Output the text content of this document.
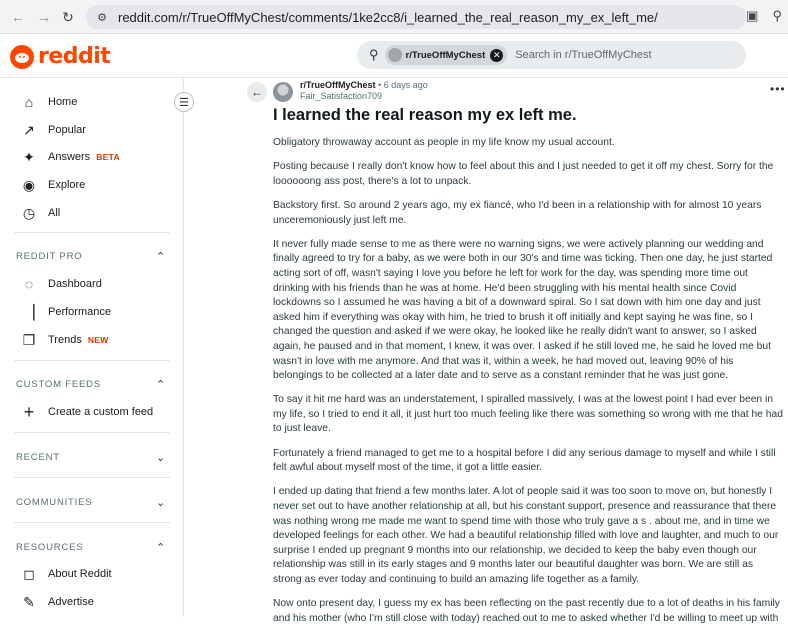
← → ↻	⚙ reddit.com/r/TrueOffMyChest/comments/1ke2cc8/i_learned_the_real_reason_my_ex_left_me/	▣ ⚲
reddit	⚲	r/TrueOffMyChest ✕
Search in r/TrueOffMyChest
⌂	Home
↗ Popular
✦ Answers BETA
◉ Explore
◷ All
REDDIT PRO	⌃
◌	Dashboard
▕	Performance
❐ Trends NEW
CUSTOM FEEDS	⌃
+	Create a custom feed
RECENT	⌄
COMMUNITIES	⌄
RESOURCES	⌃
◻ About Reddit
✎ Advertise
☰
←	r/TrueOffMyChest • 6 days ago
Fair_Satisfaction709	•••
I learned the real reason my ex left me.

Obligatory throwaway account as people in my life know my usual account.

Posting because I really don't know how to feel about this and I just needed to get it off my chest. Sorry for the loooooong ass post, there's a lot to unpack.

Backstory first. So around 2 years ago, my ex fiancé, who I'd been in a relationship with for almost 10 years unceremoniously just left me.

It never fully made sense to me as there were no warning signs, we were actively planning our wedding and finally agreed to try for a baby, as we were both in our 30's and time was ticking. Then one day, he just started acting sort of off, wasn't saying I love you before he left for work for the day, was spending more time out drinking with his friends than he was at home. He'd been struggling with his mental health since Covid lockdowns so I assumed he was having a bit of a downward spiral. So I sat down with him one day and just asked him if everything was okay with him, he tried to brush it off initially and kept saying he was fine, so I changed the question and asked if we were okay, he looked like he really didn't want to answer, so I asked again, he paused and in that moment, I knew, it was over. I asked if he still loved me, he said he loved me but wasn't in love with me anymore. And that was it, within a week, he had moved out, leaving 90% of his belongings to be collected at a later date and to serve as a constant reminder that he was just gone.

To say it hit me hard was an understatement, I spiralled massively, I was at the lowest point I had ever been in my life, so I tried to end it all, it just hurt too much feeling like there was something so wrong with me that he had to just leave.

Fortunately a friend managed to get me to a hospital before I did any serious damage to myself and while I still felt awful about myself most of the time, it got a little easier.

I ended up dating that friend a few months later. A lot of people said it was too soon to move on, but honestly I never set out to have another relationship at all, but his constant support, presence and reassurance that there was nothing wrong me made me want to spend time with those who truly gave a s . about me, and in time we developed feelings for each other. We had a beautiful relationship filled with love and laughter, and much to our surprise I ended up pregnant 9 months into our relationship, we decided to keep the baby even though our relationship was still in its early stages and 9 months later our beautiful daughter was born. We are still as strong as ever today and continuing to build an amazing life together as a family.

Now onto present day, I guess my ex has been reflecting on the past recently due to a lot of deaths in his family and his mother (who I'm still close with today) reached out to me to asked whether I'd be willing to meet up with
